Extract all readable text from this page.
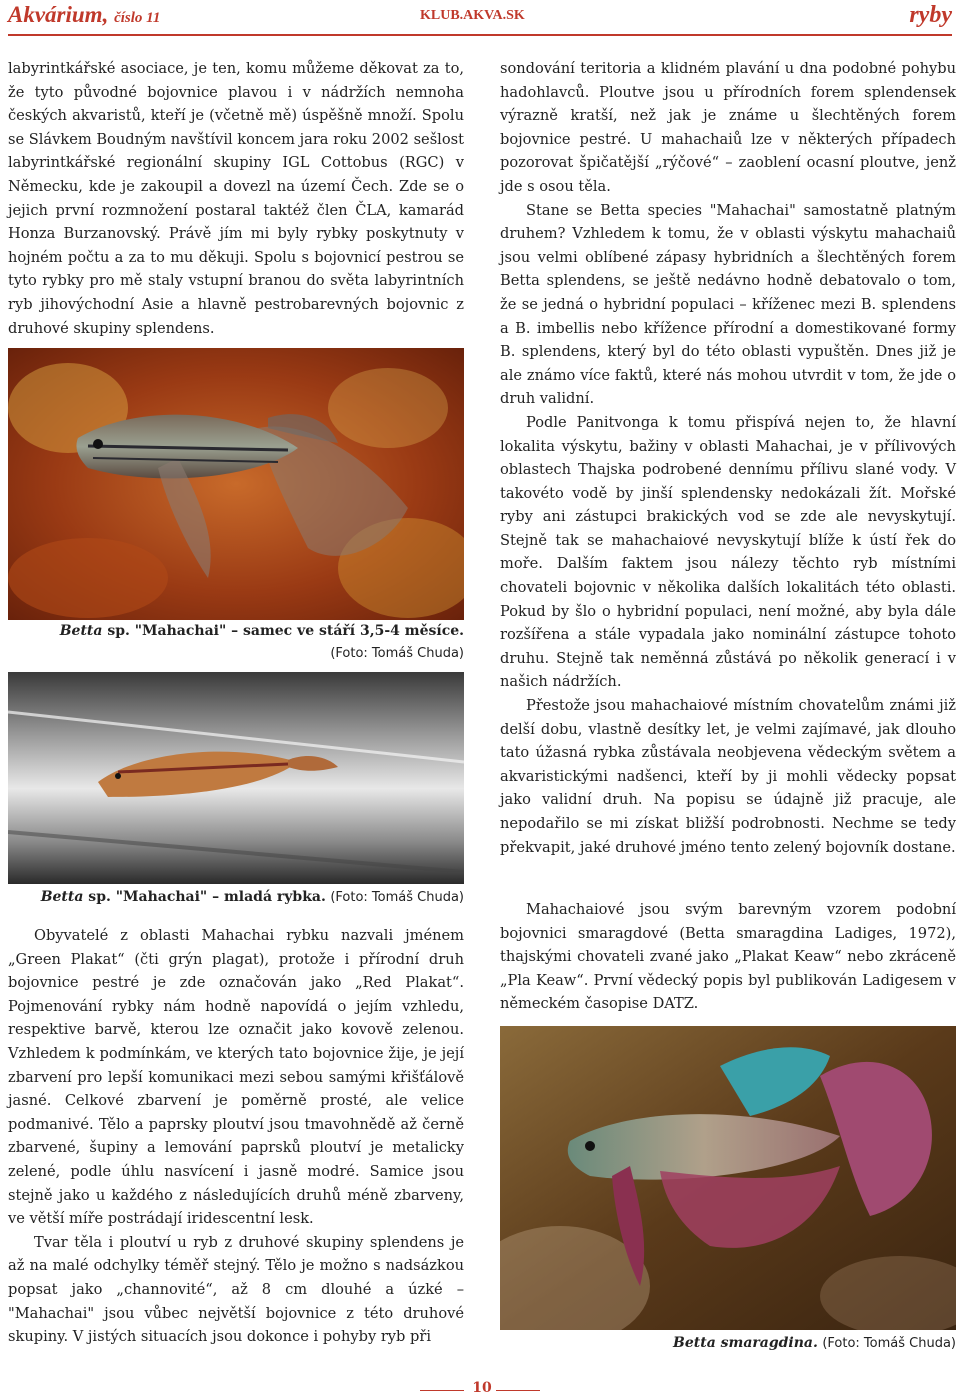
Akvárium, číslo 11	KLUB.AKVA.SK	ryby

labyrintkářské asociace, je ten, komu můžeme děkovat za to, že tyto původné bojovnice plavou i v nádržích nemnoha českých akvaristů, kteří je (včetně mě) úspěšně množí. Spolu se Slávkem Boudným navštívil koncem jara roku 2002 sešlost labyrintkářské regionální skupiny IGL Cottobus (RGC) v Německu, kde je zakoupil a dovezl na území Čech. Zde se o jejich první rozmnožení postaral taktéž člen ČLA, kamarád Honza Burzanovský. Právě jím mi byly rybky poskytnuty v hojném počtu a za to mu děkuji. Spolu s bojovnicí pestrou se tyto rybky pro mě staly vstupní branou do světa labyrintních ryb jihovýchodní Asie a hlavně pestrobarevných bojovnic z druhové skupiny splendens.

Betta sp. "Mahachai" – samec ve stáří 3,5-4 měsíce.
(Foto: Tomáš Chuda)
Betta sp. "Mahachai" – mladá rybka. (Foto: Tomáš Chuda)

Obyvatelé z oblasti Mahachai rybku nazvali jménem „Green Plakat“ (čti grýn plagat), protože i přírodní druh bojovnice pestré je zde označován jako „Red Plakat“. Pojmenování rybky nám hodně napovídá o jejím vzhledu, respektive barvě, kterou lze označit jako kovově zelenou. Vzhledem k podmínkám, ve kterých tato bojovnice žije, je její zbarvení pro lepší komunikaci mezi sebou samými křišťálově jasné. Celkové zbarvení je poměrně prosté, ale velice podmanivé. Tělo a paprsky ploutví jsou tmavohnědě až černě zbarvené, šupiny a lemování paprsků ploutví je metalicky zelené, podle úhlu nasvícení i jasně modré. Samice jsou stejně jako u každého z následujících druhů méně zbarveny, ve větší míře postrádají iridescentní lesk.

Tvar těla i ploutví u ryb z druhové skupiny splendens je až na malé odchylky téměř stejný. Tělo je možno s nadsázkou popsat jako „channovité“, až 8 cm dlouhé a úzké – "Mahachai" jsou vůbec největší bojovnice z této druhové skupiny. V jistých situacích jsou dokonce i pohyby ryb při

sondování teritoria a klidném plavání u dna podobné pohybu hadohlavců. Ploutve jsou u přírodních forem splendensek výrazně kratší, než jak je známe u šlechtěných forem bojovnice pestré. U mahachaiů lze v některých případech pozorovat špičatější „rýčové“ – zaoblení ocasní ploutve, jenž jde s osou těla.

Stane se Betta species "Mahachai" samostatně platným druhem? Vzhledem k tomu, že v oblasti výskytu mahachaiů jsou velmi oblíbené zápasy hybridních a šlechtěných forem Betta splendens, se ještě nedávno hodně debatovalo o tom, že se jedná o hybridní populaci – kříženec mezi B. splendens a B. imbellis nebo křížence přírodní a domestikované formy B. splendens, který byl do této oblasti vypuštěn. Dnes již je ale známo více faktů, které nás mohou utvrdit v tom, že jde o druh validní.

Podle Panitvonga k tomu přispívá nejen to, že hlavní lokalita výskytu, bažiny v oblasti Mahachai, je v přílivových oblastech Thajska podrobené dennímu přílivu slané vody. V takovéto vodě by jinší splendensky nedokázali žít. Mořské ryby ani zástupci brakických vod se zde ale nevyskytují. Stejně tak se mahachaiové nevyskytují blíže k ústí řek do moře. Dalším faktem jsou nálezy těchto ryb místními chovateli bojovnic v několika dalších lokalitách této oblasti. Pokud by šlo o hybridní populaci, není možné, aby byla dále rozšířena a stále vypadala jako nominální zástupce tohoto druhu. Stejně tak neměnná zůstává po několik generací i v našich nádržích.

Přestože jsou mahachaiové místním chovatelům známi již delší dobu, vlastně desítky let, je velmi zajímavé, jak dlouho tato úžasná rybka zůstávala neobjevena vědeckým světem a akvaristickými nadšenci, kteří by ji mohli vědecky popsat jako validní druh. Na popisu se údajně již pracuje, ale nepodařilo se mi získat bližší podrobnosti. Nechme se tedy překvapit, jaké druhové jméno tento zelený bojovník dostane.

Mahachaiové jsou svým barevným vzorem podobní bojovnici smaragdové (Betta smaragdina Ladiges, 1972), thajskými chovateli zvané jako „Plakat Keaw“ nebo zkráceně „Pla Keaw“. První vědecký popis byl publikován Ladigesem v německém časopise DATZ.

Betta smaragdina. (Foto: Tomáš Chuda)
10
